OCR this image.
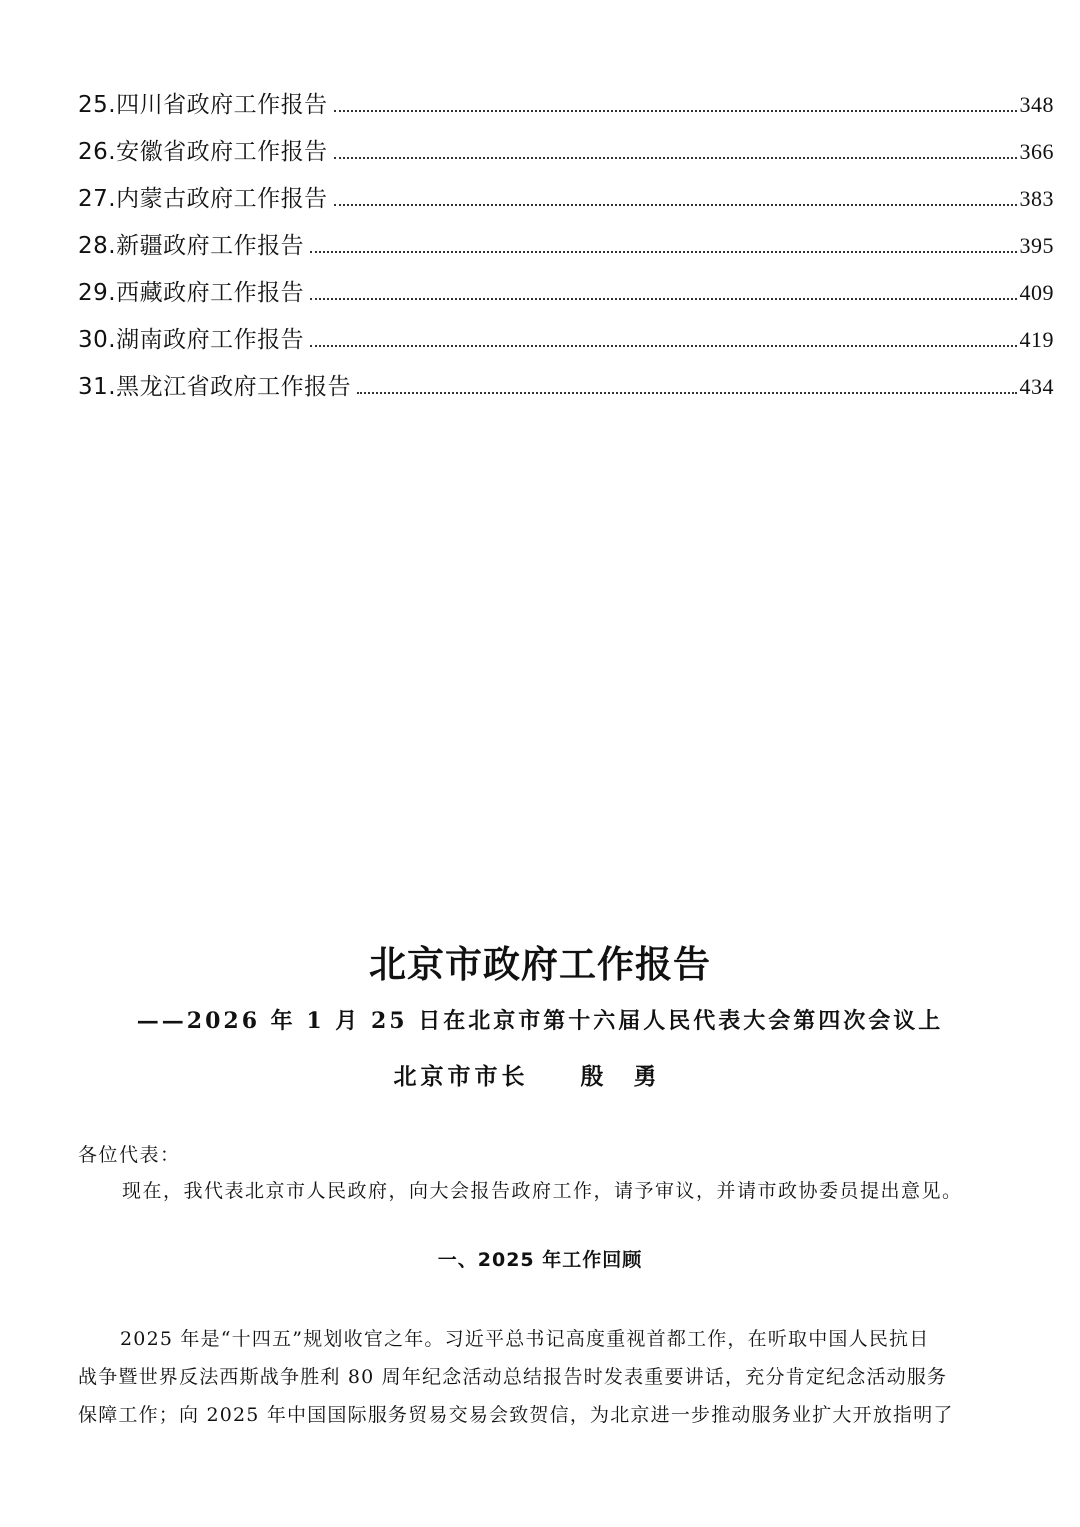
25.四川省政府工作报告	348
26.安徽省政府工作报告	366
27.内蒙古政府工作报告	383
28.新疆政府工作报告	395
29.西藏政府工作报告	409
30.湖南政府工作报告	419
31.黑龙江省政府工作报告	434
北京市政府工作报告
——2026 年 1 月 25 日在北京市第十六届人民代表大会第四次会议上
北京市市长 殷勇
各位代表：
现在，我代表北京市人民政府，向大会报告政府工作，请予审议，并请市政协委员提出意见。
一、2025 年工作回顾
2025 年是“十四五”规划收官之年。习近平总书记高度重视首都工作，在听取中国人民抗日
战争暨世界反法西斯战争胜利 80 周年纪念活动总结报告时发表重要讲话，充分肯定纪念活动服务
保障工作；向 2025 年中国国际服务贸易交易会致贺信，为北京进一步推动服务业扩大开放指明了
